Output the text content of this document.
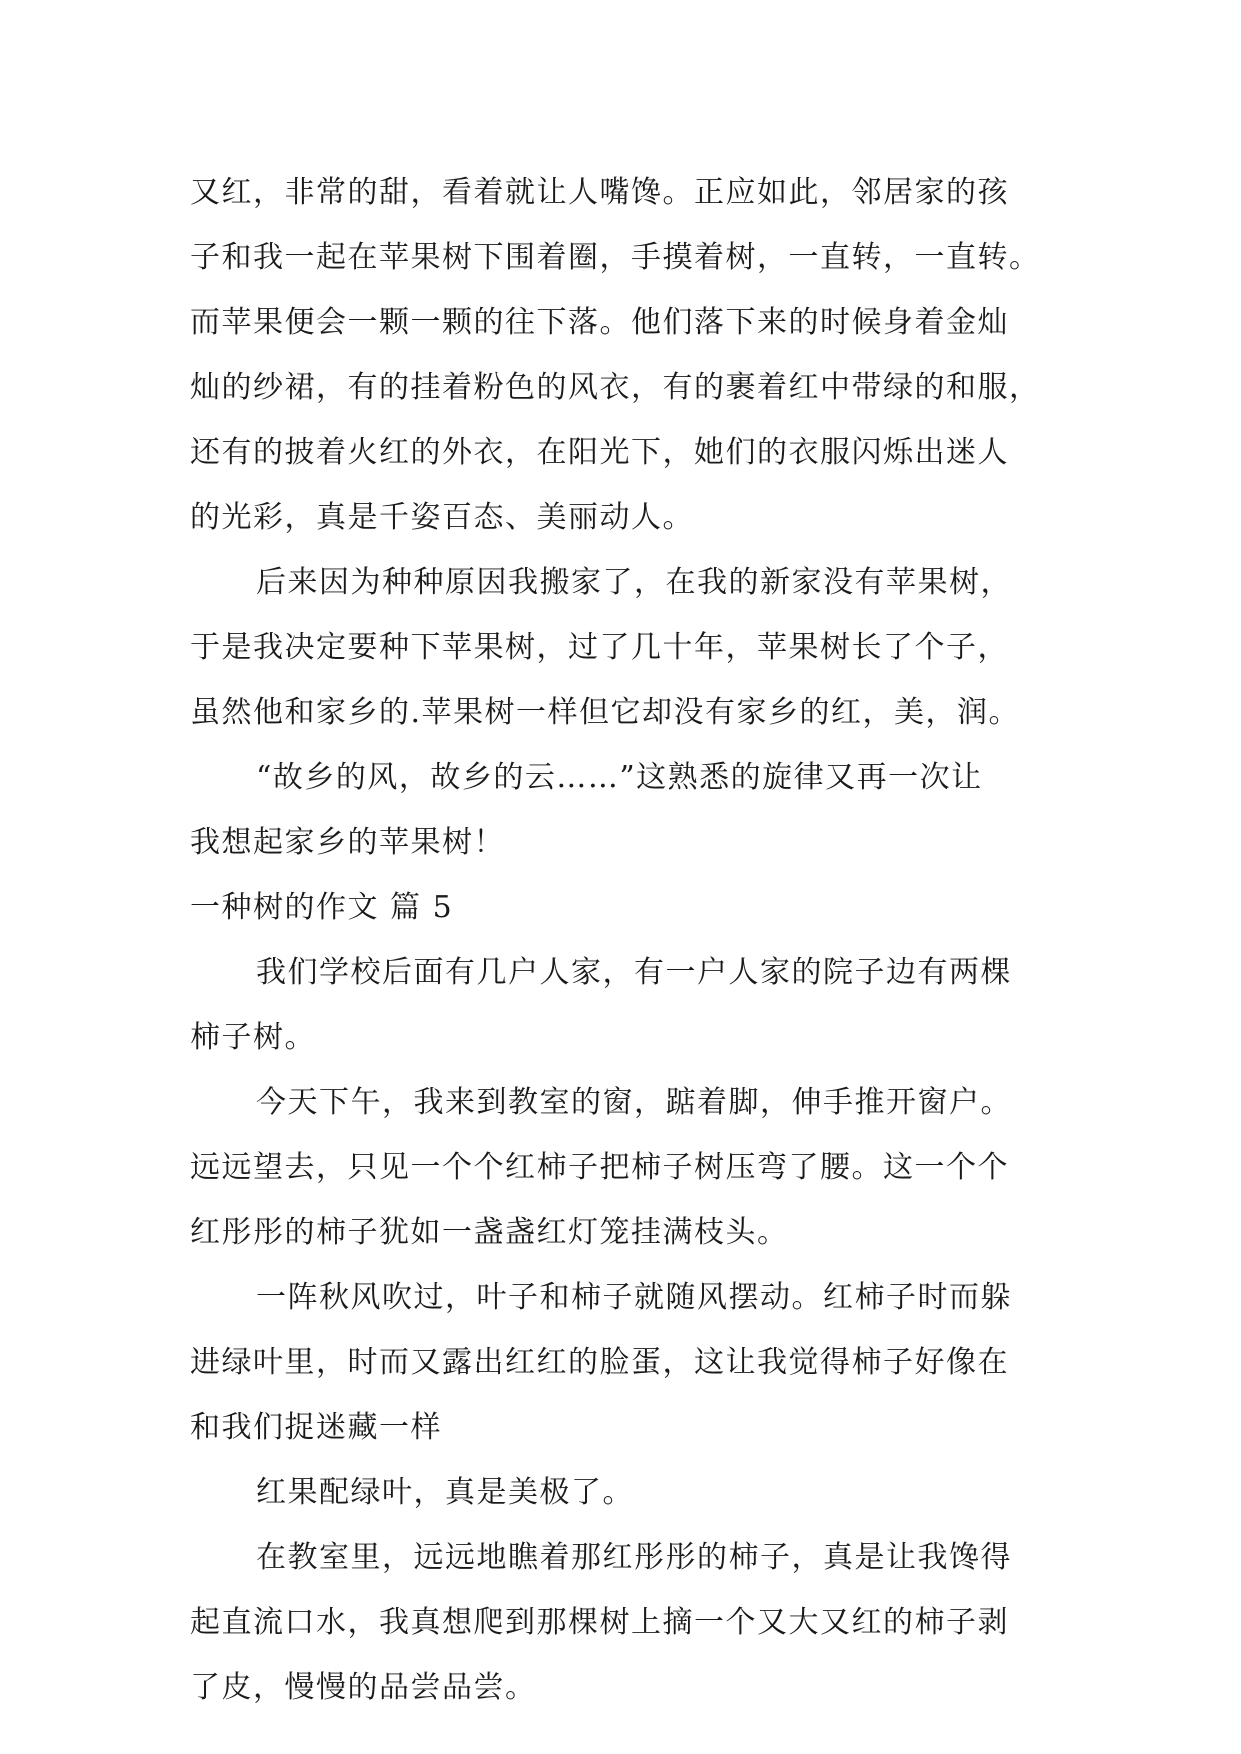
又红，非常的甜，看着就让人嘴馋。正应如此，邻居家的孩

子和我一起在苹果树下围着圈，手摸着树，一直转，一直转。

而苹果便会一颗一颗的往下落。他们落下来的时候身着金灿

灿的纱裙，有的挂着粉色的风衣，有的裹着红中带绿的和服，

还有的披着火红的外衣，在阳光下，她们的衣服闪烁出迷人

的光彩，真是千姿百态、美丽动人。

后来因为种种原因我搬家了，在我的新家没有苹果树，

于是我决定要种下苹果树，过了几十年，苹果树长了个子，

虽然他和家乡的.苹果树一样但它却没有家乡的红，美，润。

“故乡的风，故乡的云……”这熟悉的旋律又再一次让

我想起家乡的苹果树！

一种树的作文 篇 5

我们学校后面有几户人家，有一户人家的院子边有两棵

柿子树。

今天下午，我来到教室的窗，踮着脚，伸手推开窗户。

远远望去，只见一个个红柿子把柿子树压弯了腰。这一个个

红彤彤的柿子犹如一盏盏红灯笼挂满枝头。

一阵秋风吹过，叶子和柿子就随风摆动。红柿子时而躲

进绿叶里，时而又露出红红的脸蛋，这让我觉得柿子好像在

和我们捉迷藏一样

红果配绿叶，真是美极了。

在教室里，远远地瞧着那红彤彤的柿子，真是让我馋得

起直流口水，我真想爬到那棵树上摘一个又大又红的柿子剥

了皮，慢慢的品尝品尝。
